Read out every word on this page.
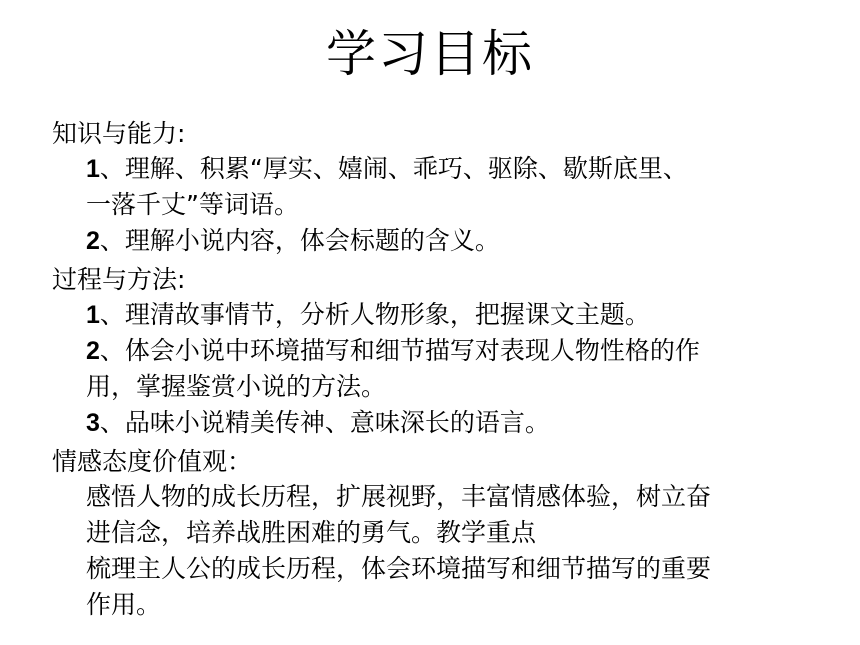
学习目标
知识与能力:
1、理解、积累“厚实、嬉闹、乖巧、驱除、歇斯底里、
一落千丈”等词语。
2、理解小说内容，体会标题的含义。
过程与方法:
1、理清故事情节，分析人物形象，把握课文主题。
2、体会小说中环境描写和细节描写对表现人物性格的作
用，掌握鉴赏小说的方法。
3、品味小说精美传神、意味深长的语言。
情感态度价值观：
感悟人物的成长历程，扩展视野，丰富情感体验，树立奋
进信念，培养战胜困难的勇气。教学重点
梳理主人公的成长历程，体会环境描写和细节描写的重要
作用。
